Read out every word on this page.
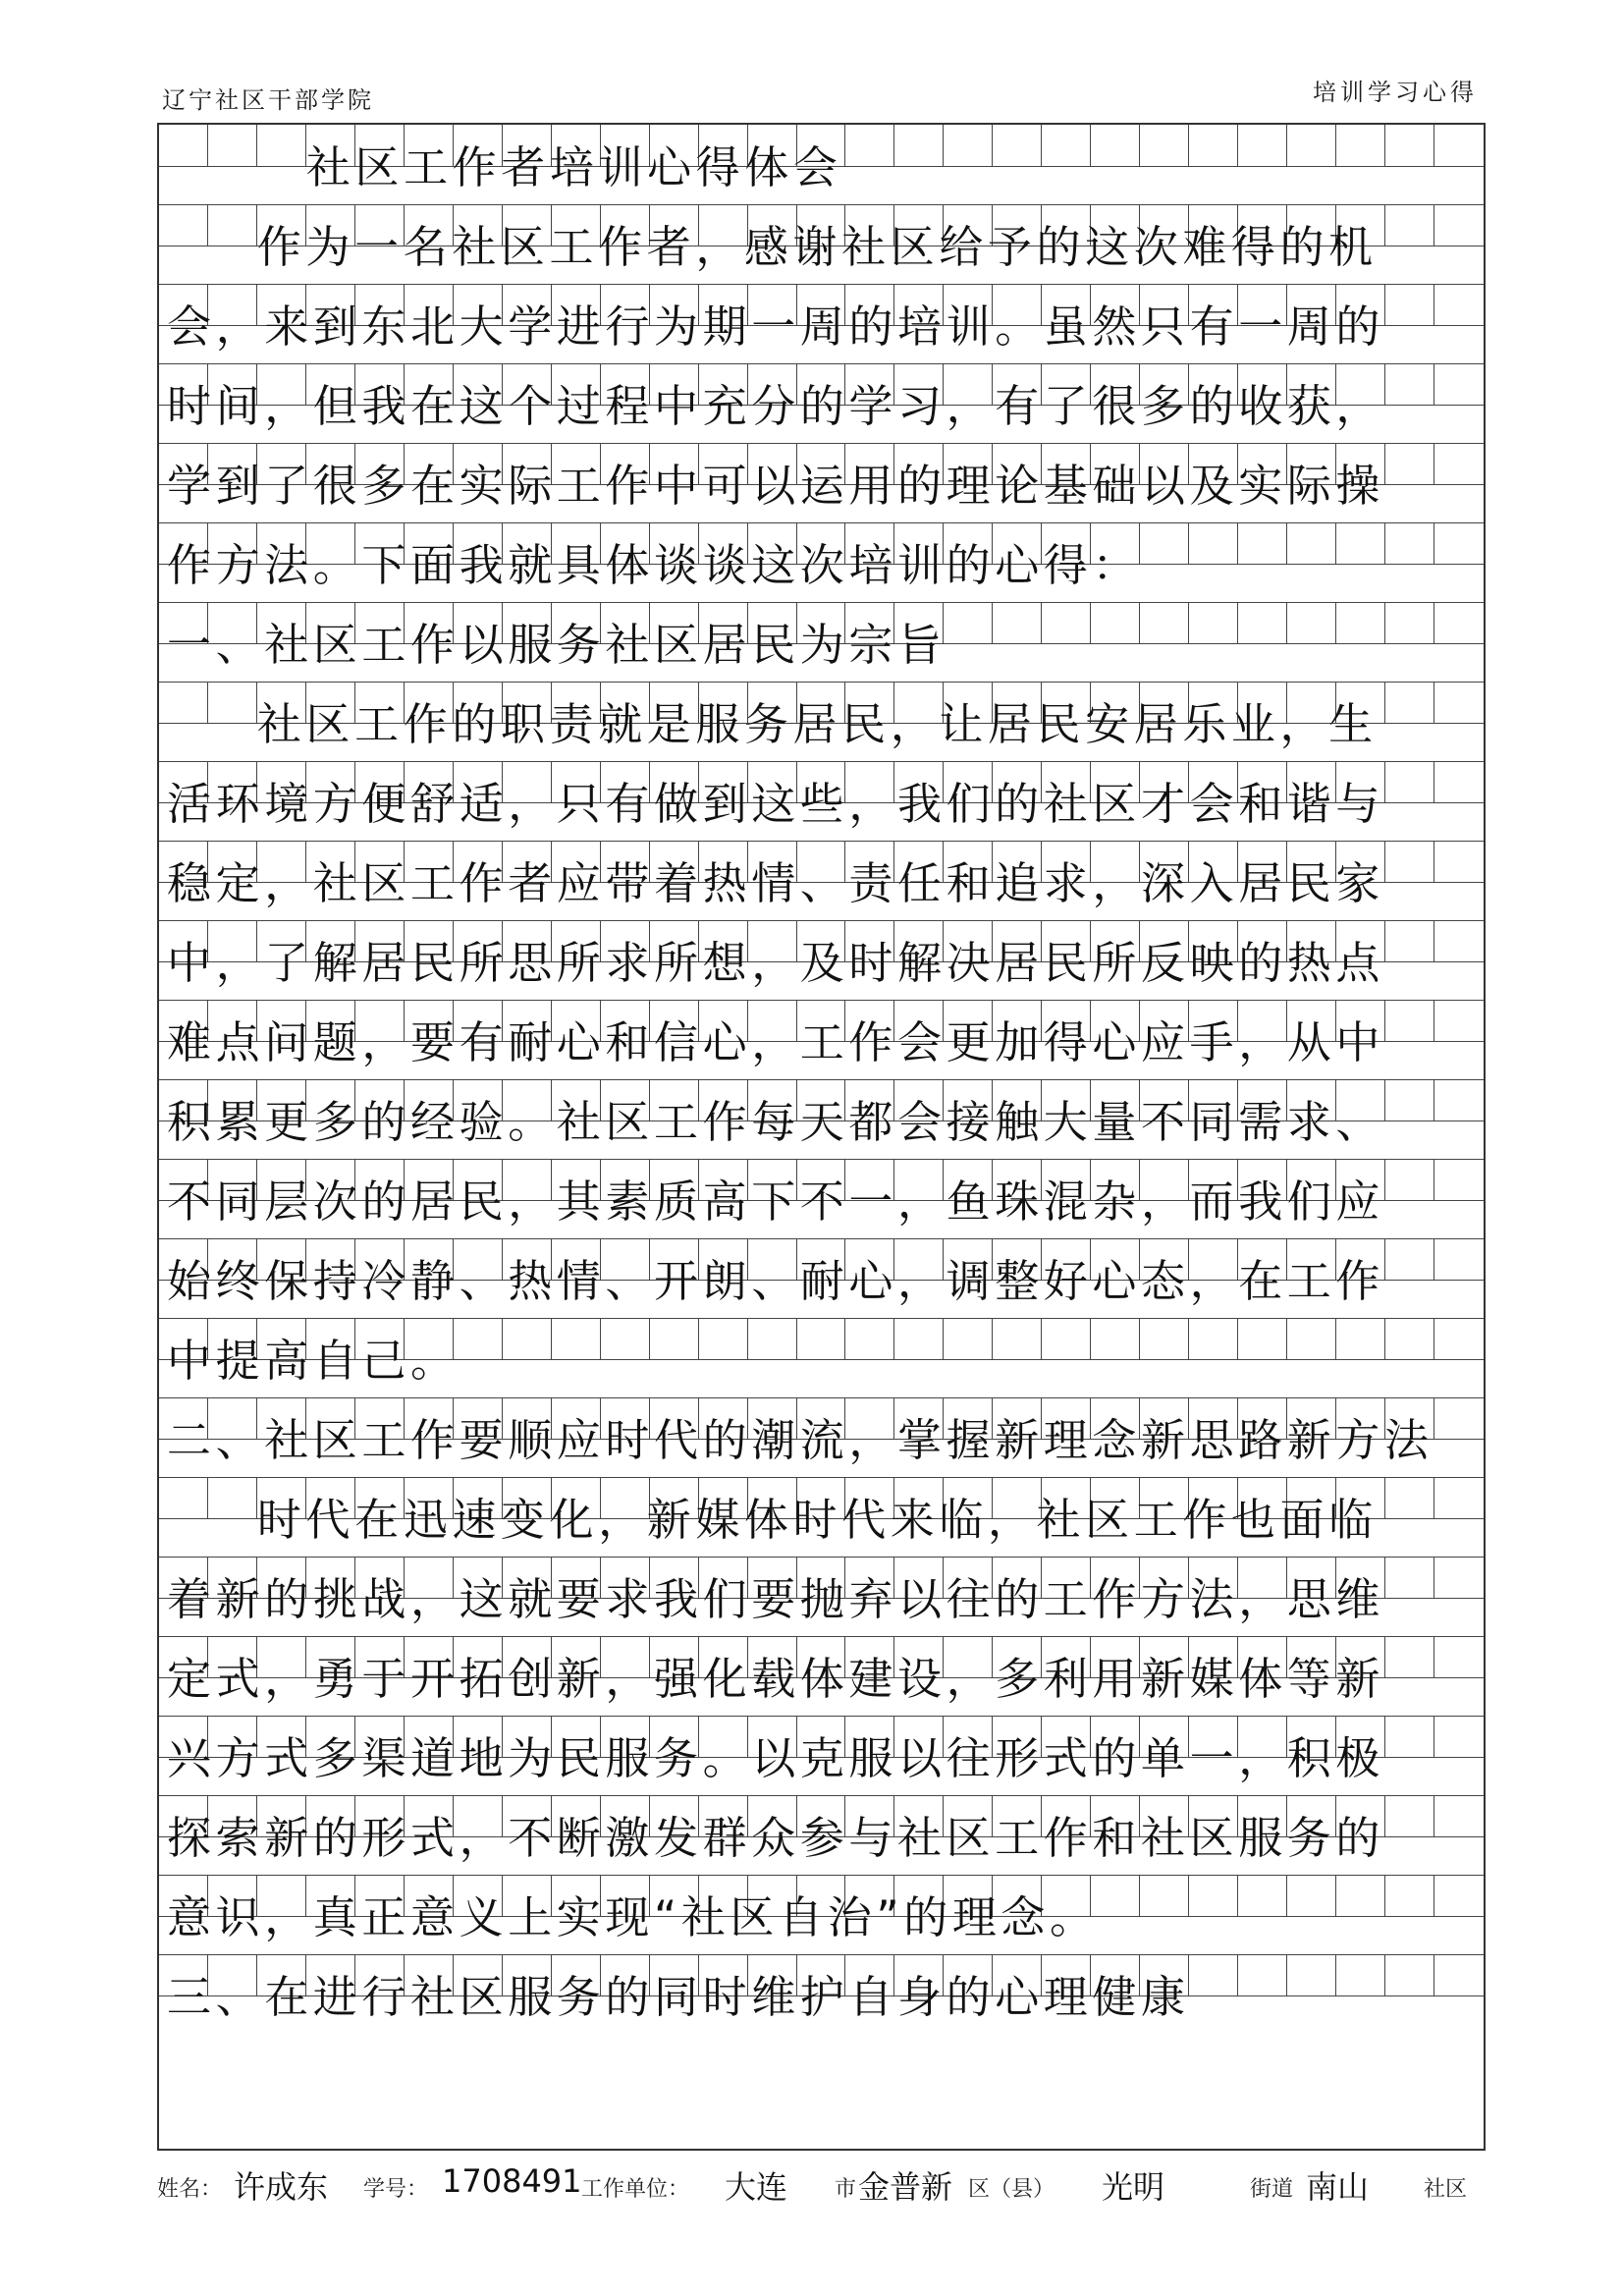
辽宁社区干部学院	培训学习心得
社区工作者培训心得体会
作为一名社区工作者，感谢社区给予的这次难得的机
会，来到东北大学进行为期一周的培训。虽然只有一周的
时间，但我在这个过程中充分的学习，有了很多的收获，
学到了很多在实际工作中可以运用的理论基础以及实际操
作方法。下面我就具体谈谈这次培训的心得：
一、社区工作以服务社区居民为宗旨
社区工作的职责就是服务居民，让居民安居乐业，生
活环境方便舒适，只有做到这些，我们的社区才会和谐与
稳定，社区工作者应带着热情、责任和追求，深入居民家
中，了解居民所思所求所想，及时解决居民所反映的热点
难点问题，要有耐心和信心，工作会更加得心应手，从中
积累更多的经验。社区工作每天都会接触大量不同需求、
不同层次的居民，其素质高下不一，鱼珠混杂，而我们应
始终保持冷静、热情、开朗、耐心，调整好心态，在工作
中提高自己。
二、社区工作要顺应时代的潮流，掌握新理念新思路新方法
时代在迅速变化，新媒体时代来临，社区工作也面临
着新的挑战，这就要求我们要抛弃以往的工作方法，思维
定式，勇于开拓创新，强化载体建设，多利用新媒体等新
兴方式多渠道地为民服务。以克服以往形式的单一，积极
探索新的形式，不断激发群众参与社区工作和社区服务的
意识，真正意义上实现“社区自治”的理念。
三、在进行社区服务的同时维护自身的心理健康
姓名： 许成东 学号： 1708491 工作单位： 大连 市 金普新 区（县） 光明	街道 南山	社区
